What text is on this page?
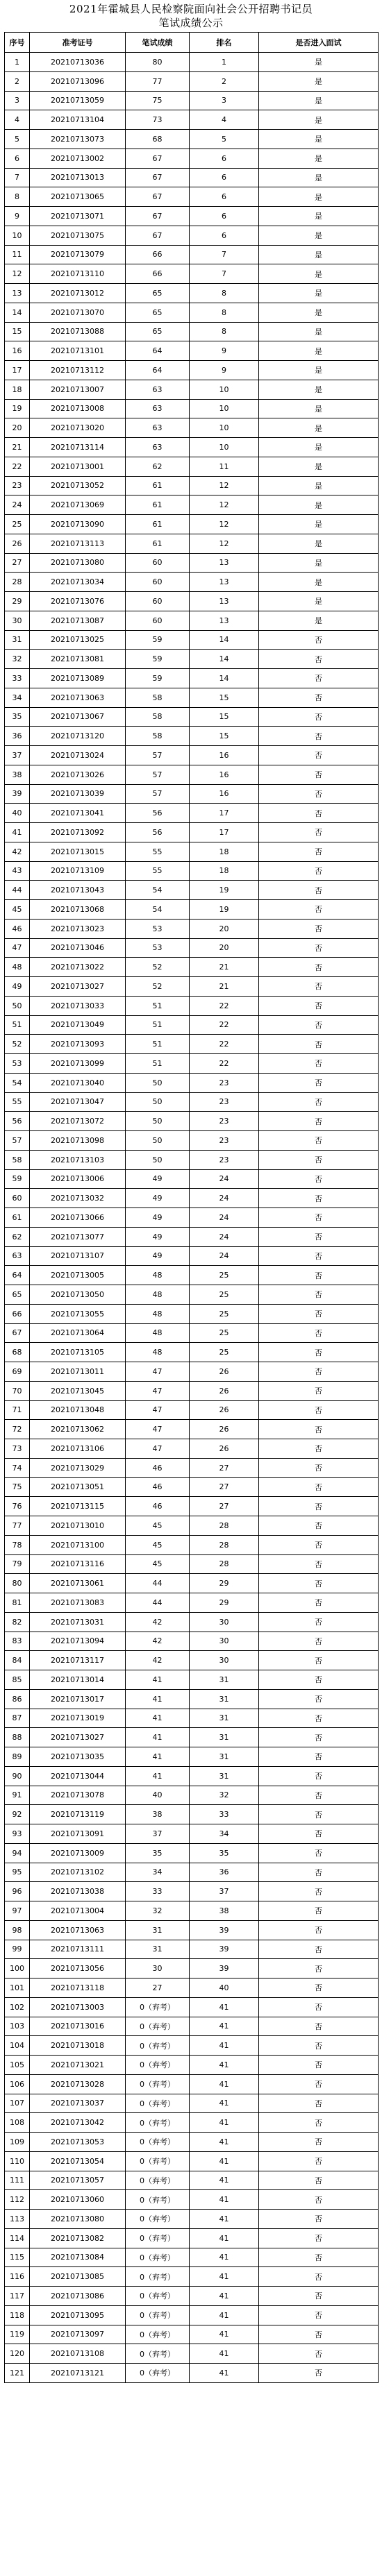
2021年霍城县人民检察院面向社会公开招聘书记员
笔试成绩公示
序号	准考证号	笔试成绩	排名	是否进入面试
1	20210713036	80	1	是
2	20210713096	77	2	是
3	20210713059	75	3	是
4	20210713104	73	4	是
5	20210713073	68	5	是
6	20210713002	67	6	是
7	20210713013	67	6	是
8	20210713065	67	6	是
9	20210713071	67	6	是
10	20210713075	67	6	是
11	20210713079	66	7	是
12	20210713110	66	7	是
13	20210713012	65	8	是
14	20210713070	65	8	是
15	20210713088	65	8	是
16	20210713101	64	9	是
17	20210713112	64	9	是
18	20210713007	63	10	是
19	20210713008	63	10	是
20	20210713020	63	10	是
21	20210713114	63	10	是
22	20210713001	62	11	是
23	20210713052	61	12	是
24	20210713069	61	12	是
25	20210713090	61	12	是
26	20210713113	61	12	是
27	20210713080	60	13	是
28	20210713034	60	13	是
29	20210713076	60	13	是
30	20210713087	60	13	是
31	20210713025	59	14	否
32	20210713081	59	14	否
33	20210713089	59	14	否
34	20210713063	58	15	否
35	20210713067	58	15	否
36	20210713120	58	15	否
37	20210713024	57	16	否
38	20210713026	57	16	否
39	20210713039	57	16	否
40	20210713041	56	17	否
41	20210713092	56	17	否
42	20210713015	55	18	否
43	20210713109	55	18	否
44	20210713043	54	19	否
45	20210713068	54	19	否
46	20210713023	53	20	否
47	20210713046	53	20	否
48	20210713022	52	21	否
49	20210713027	52	21	否
50	20210713033	51	22	否
51	20210713049	51	22	否
52	20210713093	51	22	否
53	20210713099	51	22	否
54	20210713040	50	23	否
55	20210713047	50	23	否
56	20210713072	50	23	否
57	20210713098	50	23	否
58	20210713103	50	23	否
59	20210713006	49	24	否
60	20210713032	49	24	否
61	20210713066	49	24	否
62	20210713077	49	24	否
63	20210713107	49	24	否
64	20210713005	48	25	否
65	20210713050	48	25	否
66	20210713055	48	25	否
67	20210713064	48	25	否
68	20210713105	48	25	否
69	20210713011	47	26	否
70	20210713045	47	26	否
71	20210713048	47	26	否
72	20210713062	47	26	否
73	20210713106	47	26	否
74	20210713029	46	27	否
75	20210713051	46	27	否
76	20210713115	46	27	否
77	20210713010	45	28	否
78	20210713100	45	28	否
79	20210713116	45	28	否
80	20210713061	44	29	否
81	20210713083	44	29	否
82	20210713031	42	30	否
83	20210713094	42	30	否
84	20210713117	42	30	否
85	20210713014	41	31	否
86	20210713017	41	31	否
87	20210713019	41	31	否
88	20210713027	41	31	否
89	20210713035	41	31	否
90	20210713044	41	31	否
91	20210713078	40	32	否
92	20210713119	38	33	否
93	20210713091	37	34	否
94	20210713009	35	35	否
95	20210713102	34	36	否
96	20210713038	33	37	否
97	20210713004	32	38	否
98	20210713063	31	39	否
99	20210713111	31	39	否
100	20210713056	30	39	否
101	20210713118	27	40	否
102	20210713003	0（弃考）	41	否
103	20210713016	0（弃考）	41	否
104	20210713018	0（弃考）	41	否
105	20210713021	0（弃考）	41	否
106	20210713028	0（弃考）	41	否
107	20210713037	0（弃考）	41	否
108	20210713042	0（弃考）	41	否
109	20210713053	0（弃考）	41	否
110	20210713054	0（弃考）	41	否
111	20210713057	0（弃考）	41	否
112	20210713060	0（弃考）	41	否
113	20210713080	0（弃考）	41	否
114	20210713082	0（弃考）	41	否
115	20210713084	0（弃考）	41	否
116	20210713085	0（弃考）	41	否
117	20210713086	0（弃考）	41	否
118	20210713095	0（弃考）	41	否
119	20210713097	0（弃考）	41	否
120	20210713108	0（弃考）	41	否
121	20210713121	0（弃考）	41	否
